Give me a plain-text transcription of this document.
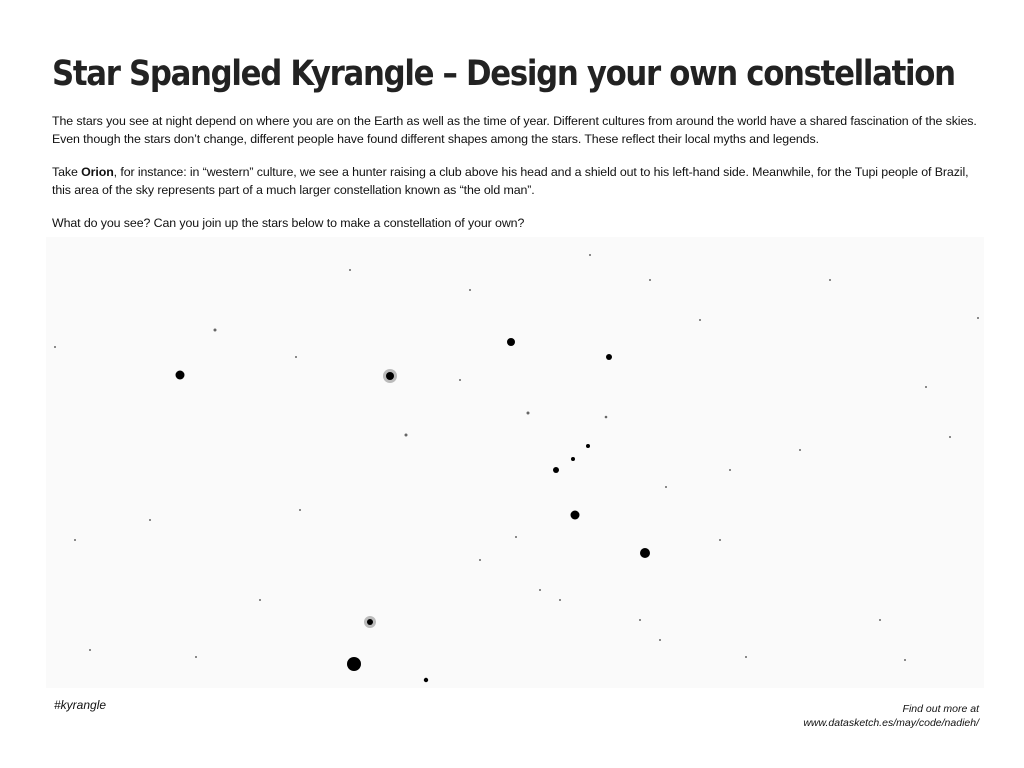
Star Spangled Kyrangle – Design your own constellation
The stars you see at night depend on where you are on the Earth as well as the time of year. Different cultures from around the world have a shared fascination of the skies. Even though the stars don’t change, different people have found different shapes among the stars. These reflect their local myths and legends.
Take Orion, for instance: in “western” culture, we see a hunter raising a club above his head and a shield out to his left-hand side. Meanwhile, for the Tupi people of Brazil, this area of the sky represents part of a much larger constellation known as “the old man”.
What do you see? Can you join up the stars below to make a constellation of your own?
#kyrangle	Find out more at
www.datasketch.es/may/code/nadieh/
